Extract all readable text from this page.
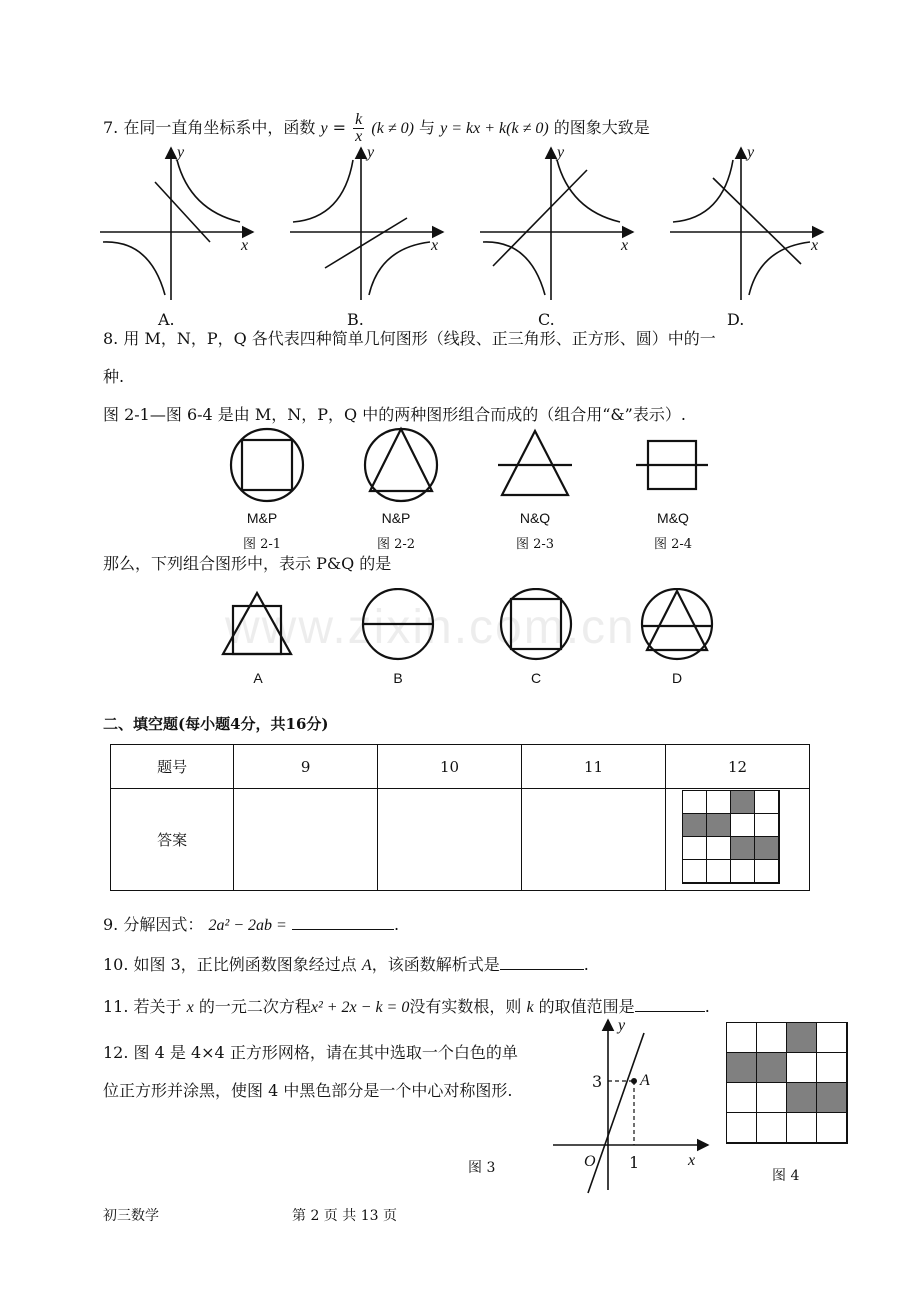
7. 在同一直角坐标系中，函数 $y = \frac{k}{x} (k \ne 0)$ 与 y = kx + k(k ≠ 0) 的图象大致是
y
x
y
x
y
x
y
x
A.	B.	C.	D.
8. 用 M，N，P，Q 各代表四种简单几何图形（线段、正三角形、正方形、圆）中的一
种.
图 2-1—图 6-4 是由 M，N，P，Q 中的两种图形组合而成的（组合用“&”表示）.
M&P	N&P	N&Q	M&Q
图 2-1	图 2-2	图 2-3	图 2-4
那么，下列组合图形中，表示 P&Q 的是
www.zixin.com.cn
A	B	C	D
二、填空题(每小题4分，共16分)
题号	9	10	11	12
答案				
9. 分解因式： 2a² − 2ab =	.
10. 如图 3，正比例函数图象经过点 A，该函数解析式是	.
11. 若关于 x 的一元二次方程x² + 2x − k = 0没有实数根，则 k 的取值范围是	.
12. 图 4 是 4×4 正方形网格，请在其中选取一个白色的单
位正方形并涂黑，使图 4 中黑色部分是一个中心对称图形.
y
3 A
O 1	x
图 3	图 4
初三数学	第 2 页 共 13 页
